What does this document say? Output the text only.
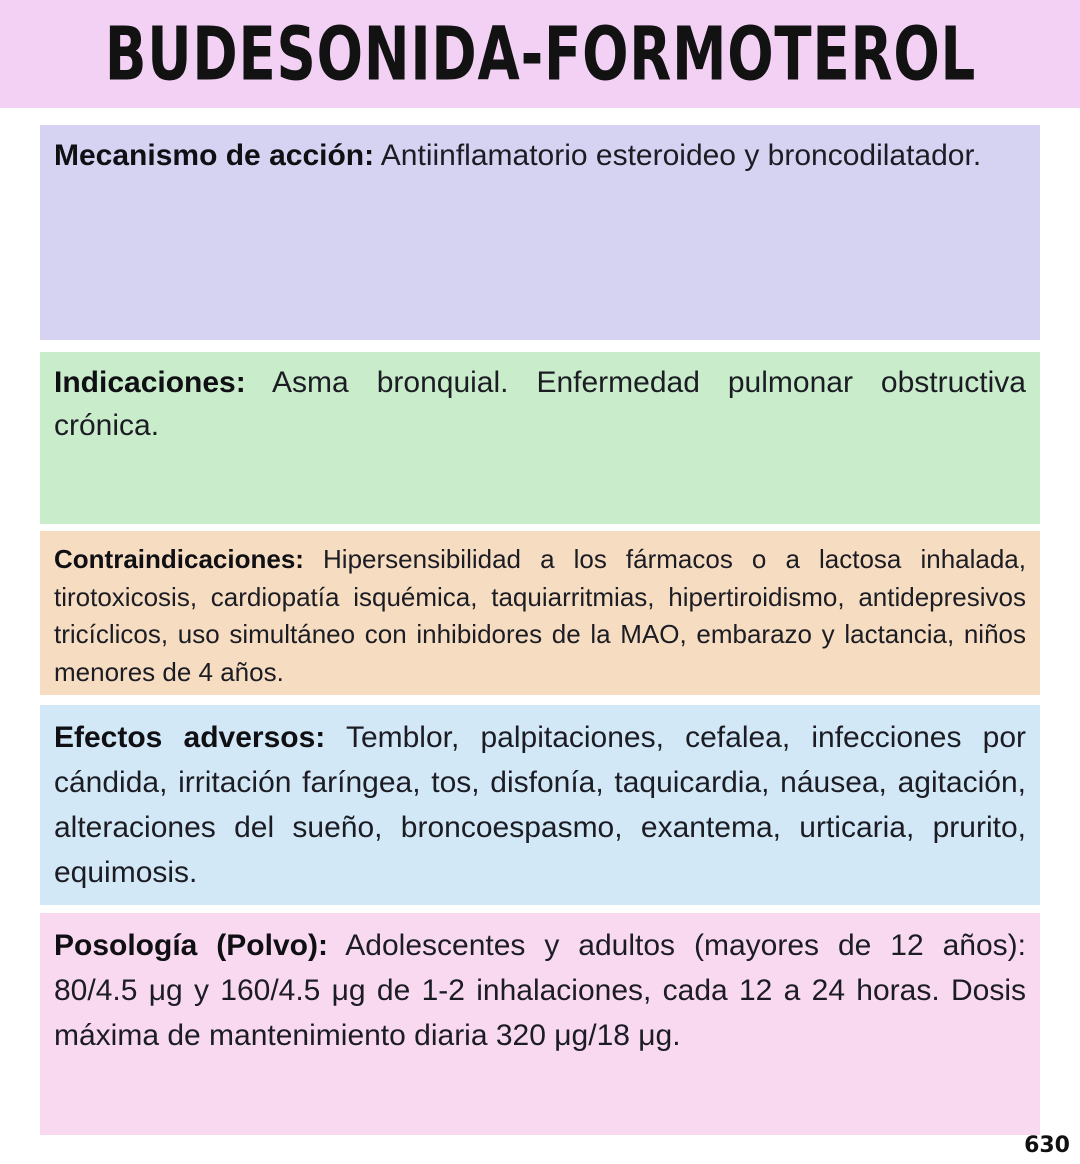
BUDESONIDA-FORMOTEROL

Mecanismo de acción: Antiinflamatorio esteroideo y broncodilatador.

Indicaciones: Asma bronquial. Enfermedad pulmonar obstructiva crónica.

Contraindicaciones: Hipersensibilidad a los fármacos o a lactosa inhalada, tirotoxicosis, cardiopatía isquémica, taquiarritmias, hipertiroidismo, antidepresivos tricíclicos, uso simultáneo con inhibidores de la MAO, embarazo y lactancia, niños menores de 4 años.

Efectos adversos: Temblor, palpitaciones, cefalea, infecciones por cándida, irritación faríngea, tos, disfonía, taquicardia, náusea, agitación, alteraciones del sueño, broncoespasmo, exantema, urticaria, prurito, equimosis.

Posología (Polvo): Adolescentes y adultos (mayores de 12 años): 80/4.5 μg y 160/4.5 μg de 1-2 inhalaciones, cada 12 a 24 horas. Dosis máxima de mantenimiento diaria 320 μg/18 μg.

630
